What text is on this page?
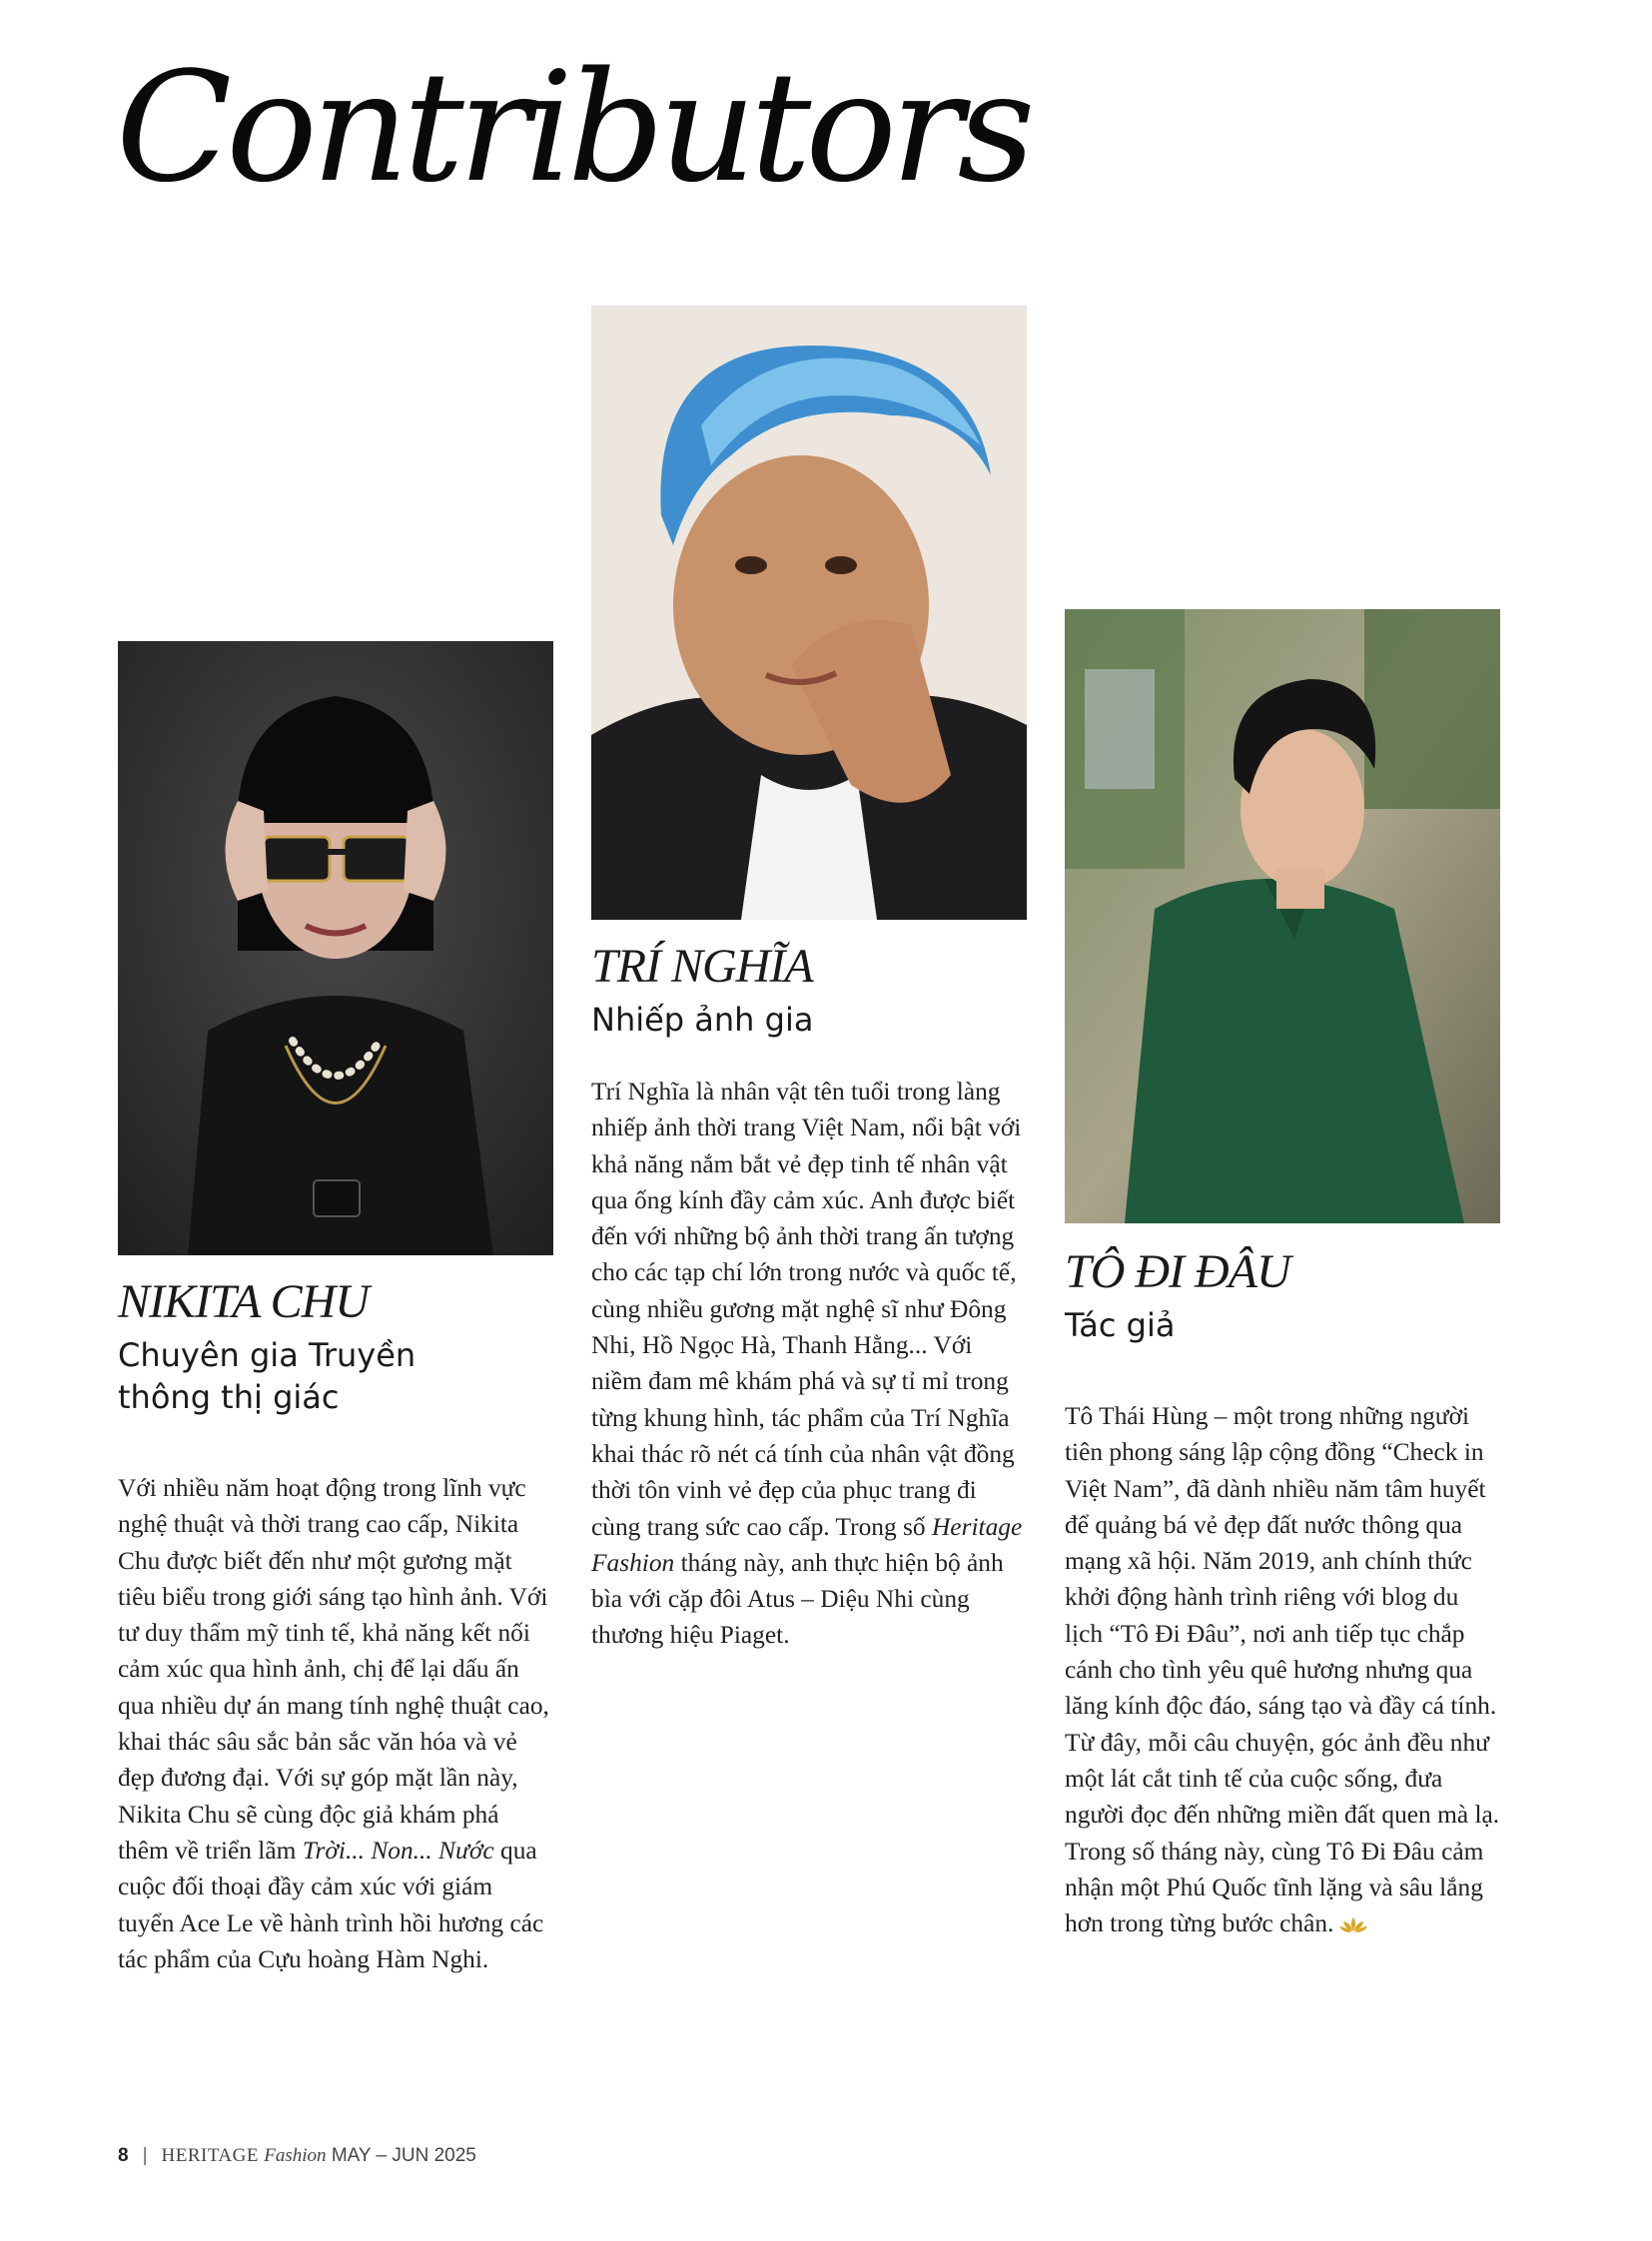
Contributors
NIKITA CHU

Chuyên gia Truyền thông thị giác

Với nhiều năm hoạt động trong lĩnh vực nghệ thuật và thời trang cao cấp, Nikita Chu được biết đến như một gương mặt tiêu biểu trong giới sáng tạo hình ảnh. Với tư duy thẩm mỹ tinh tế, khả năng kết nối cảm xúc qua hình ảnh, chị để lại dấu ấn qua nhiều dự án mang tính nghệ thuật cao, khai thác sâu sắc bản sắc văn hóa và vẻ đẹp đương đại. Với sự góp mặt lần này, Nikita Chu sẽ cùng độc giả khám phá thêm về triển lãm Trời... Non... Nước qua cuộc đối thoại đầy cảm xúc với giám tuyển Ace Le về hành trình hồi hương các tác phẩm của Cựu hoàng Hàm Nghi.

TRÍ NGHĨA

Nhiếp ảnh gia

Trí Nghĩa là nhân vật tên tuổi trong làng nhiếp ảnh thời trang Việt Nam, nổi bật với khả năng nắm bắt vẻ đẹp tinh tế nhân vật qua ống kính đầy cảm xúc. Anh được biết đến với những bộ ảnh thời trang ấn tượng cho các tạp chí lớn trong nước và quốc tế, cùng nhiều gương mặt nghệ sĩ như Đông Nhi, Hồ Ngọc Hà, Thanh Hằng... Với niềm đam mê khám phá và sự tỉ mỉ trong từng khung hình, tác phẩm của Trí Nghĩa khai thác rõ nét cá tính của nhân vật đồng thời tôn vinh vẻ đẹp của phục trang đi cùng trang sức cao cấp. Trong số Heritage Fashion tháng này, anh thực hiện bộ ảnh bìa với cặp đôi Atus – Diệu Nhi cùng thương hiệu Piaget.

TÔ ĐI ĐÂU

Tác giả

Tô Thái Hùng – một trong những người tiên phong sáng lập cộng đồng “Check in Việt Nam”, đã dành nhiều năm tâm huyết để quảng bá vẻ đẹp đất nước thông qua mạng xã hội. Năm 2019, anh chính thức khởi động hành trình riêng với blog du lịch “Tô Đi Đâu”, nơi anh tiếp tục chắp cánh cho tình yêu quê hương nhưng qua lăng kính độc đáo, sáng tạo và đầy cá tính. Từ đây, mỗi câu chuyện, góc ảnh đều như một lát cắt tinh tế của cuộc sống, đưa người đọc đến những miền đất quen mà lạ. Trong số tháng này, cùng Tô Đi Đâu cảm nhận một Phú Quốc tĩnh lặng và sâu lắng hơn trong từng bước chân.

8 | HERITAGE Fashion MAY – JUN 2025
